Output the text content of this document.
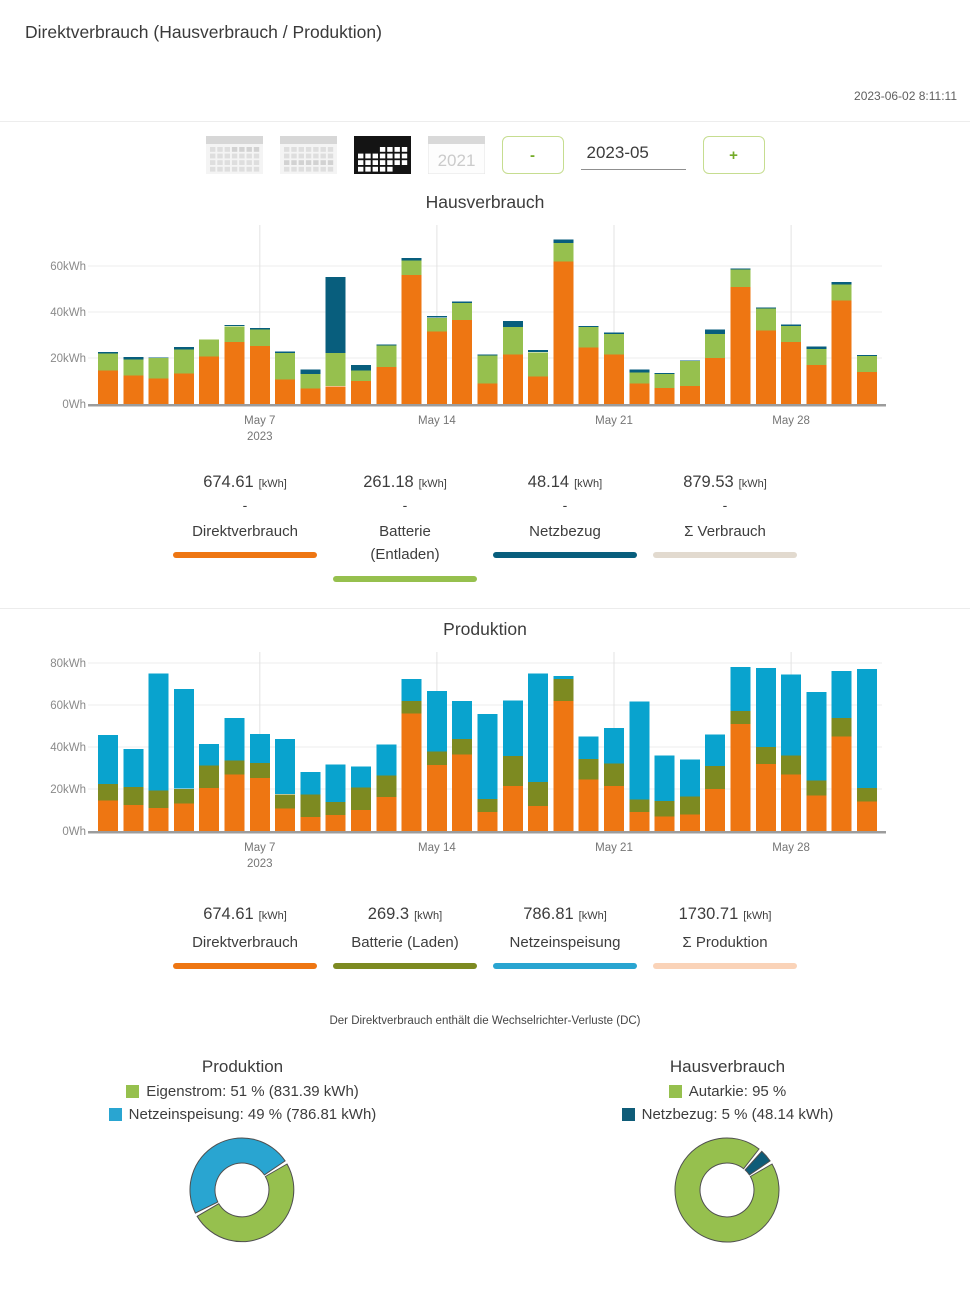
Direktverbrauch (Hausverbrauch / Produktion)
2023-06-02 8:11:11
2021	-
2023-05	+
Hausverbrauch
0Wh
20kWh
40kWh
60kWh
May 7
2023
May 14	May 21	May 28
674.61 [kWh]
-
Direktverbrauch
261.18 [kWh]
-
Batterie
(Entladen)
48.14 [kWh]
-
Netzbezug
879.53 [kWh]
-
Σ Verbrauch
Produktion
0Wh
20kWh
40kWh
60kWh
80kWh
May 7
2023
May 14	May 21	May 28
674.61 [kWh]
Direktverbrauch
269.3 [kWh]
Batterie (Laden)
786.81 [kWh]
Netzeinspeisung
1730.71 [kWh]
Σ Produktion
Der Direktverbrauch enthält die Wechselrichter-Verluste (DC)
Produktion
Eigenstrom: 51 % (831.39 kWh)
Netzeinspeisung: 49 % (786.81 kWh)
Hausverbrauch
Autarkie: 95 %
Netzbezug: 5 % (48.14 kWh)
